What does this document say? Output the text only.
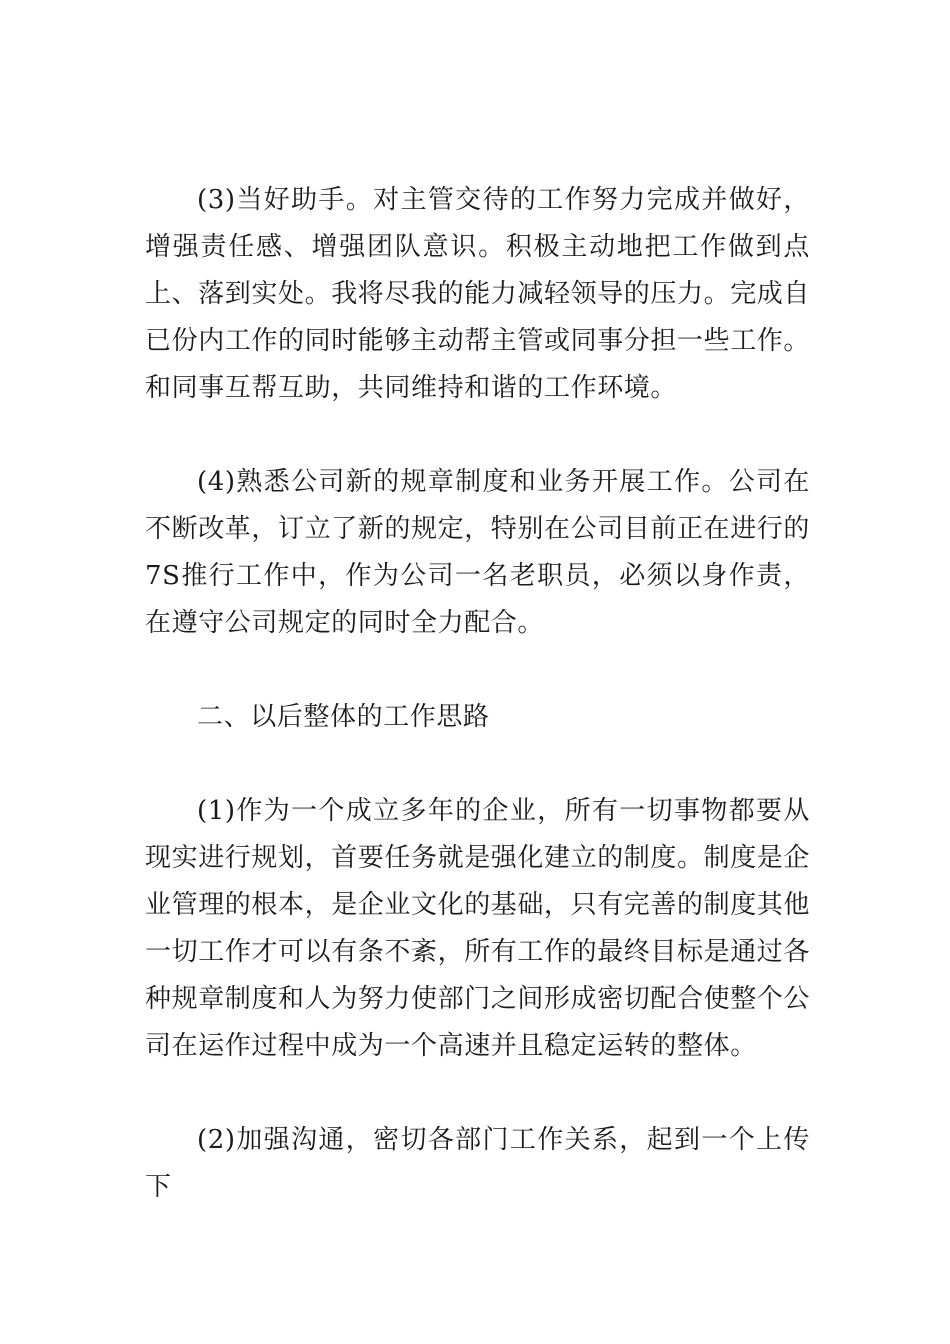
(3)当好助手。对主管交待的工作努力完成并做好，增强责任感、增强团队意识。积极主动地把工作做到点上、落到实处。我将尽我的能力减轻领导的压力。完成自已份内工作的同时能够主动帮主管或同事分担一些工作。和同事互帮互助，共同维持和谐的工作环境。

(4)熟悉公司新的规章制度和业务开展工作。公司在不断改革，订立了新的规定，特别在公司目前正在进行的7S推行工作中，作为公司一名老职员，必须以身作责，在遵守公司规定的同时全力配合。

二、以后整体的工作思路

(1)作为一个成立多年的企业，所有一切事物都要从现实进行规划，首要任务就是强化建立的制度。制度是企业管理的根本，是企业文化的基础，只有完善的制度其他一切工作才可以有条不紊，所有工作的最终目标是通过各种规章制度和人为努力使部门之间形成密切配合使整个公司在运作过程中成为一个高速并且稳定运转的整体。

(2)加强沟通，密切各部门工作关系，起到一个上传下
